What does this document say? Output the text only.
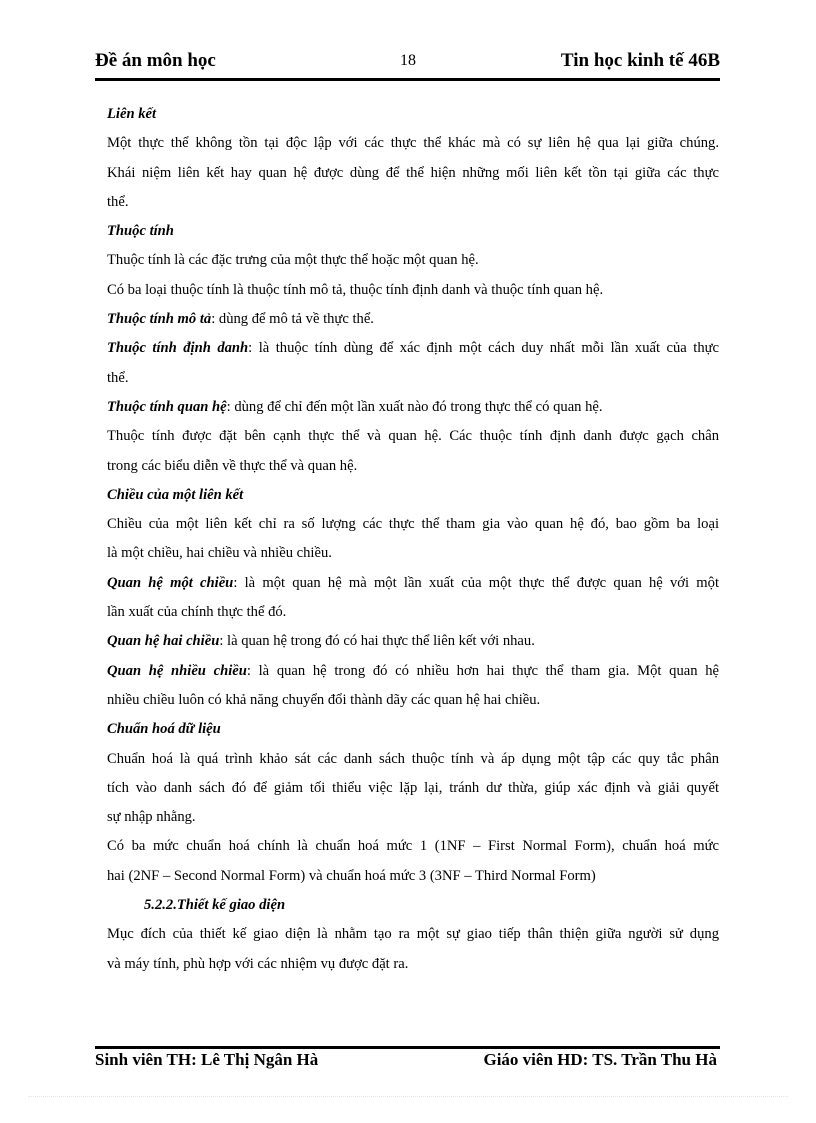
Đề án môn học	18	Tin học kinh tế 46B
Liên kết
Một thực thể không tồn tại độc lập với các thực thể khác mà có sự liên hệ qua lại giữa chúng.
Khái niệm liên kết hay quan hệ được dùng để thể hiện những mối liên kết tồn tại giữa các thực
thể.
Thuộc tính
Thuộc tính là các đặc trưng của một thực thể hoặc một quan hệ.
Có ba loại thuộc tính là thuộc tính mô tả, thuộc tính định danh và thuộc tính quan hệ.
Thuộc tính mô tả: dùng để mô tả về thực thể.
Thuộc tính định danh: là thuộc tính dùng để xác định một cách duy nhất mỗi lần xuất của thực
thể.
Thuộc tính quan hệ: dùng để chỉ đến một lần xuất nào đó trong thực thể có quan hệ.
Thuộc tính được đặt bên cạnh thực thể và quan hệ. Các thuộc tính định danh được gạch chân
trong các biểu diễn về thực thể và quan hệ.
Chiều của một liên kết
Chiều của một liên kết chỉ ra số lượng các thực thể tham gia vào quan hệ đó, bao gồm ba loại
là một chiều, hai chiều và nhiều chiều.
Quan hệ một chiều: là một quan hệ mà một lần xuất của một thực thể được quan hệ với một
lần xuất của chính thực thể đó.
Quan hệ hai chiều: là quan hệ trong đó có hai thực thể liên kết với nhau.
Quan hệ nhiều chiều: là quan hệ trong đó có nhiều hơn hai thực thể tham gia. Một quan hệ
nhiều chiều luôn có khả năng chuyển đổi thành dãy các quan hệ hai chiều.
Chuẩn hoá dữ liệu
Chuẩn hoá là quá trình khảo sát các danh sách thuộc tính và áp dụng một tập các quy tắc phân
tích vào danh sách đó để giảm tối thiểu việc lặp lại, tránh dư thừa, giúp xác định và giải quyết
sự nhập nhằng.
Có ba mức chuẩn hoá chính là chuẩn hoá mức 1 (1NF – First Normal Form), chuẩn hoá mức
hai (2NF – Second Normal Form) và chuẩn hoá mức 3 (3NF – Third Normal Form)
5.2.2.Thiết kế giao diện
Mục đích của thiết kế giao diện là nhằm tạo ra một sự giao tiếp thân thiện giữa người sử dụng
và máy tính, phù hợp với các nhiệm vụ được đặt ra.
Sinh viên TH: Lê Thị Ngân Hà	Giáo viên HD: TS. Trần Thu Hà
